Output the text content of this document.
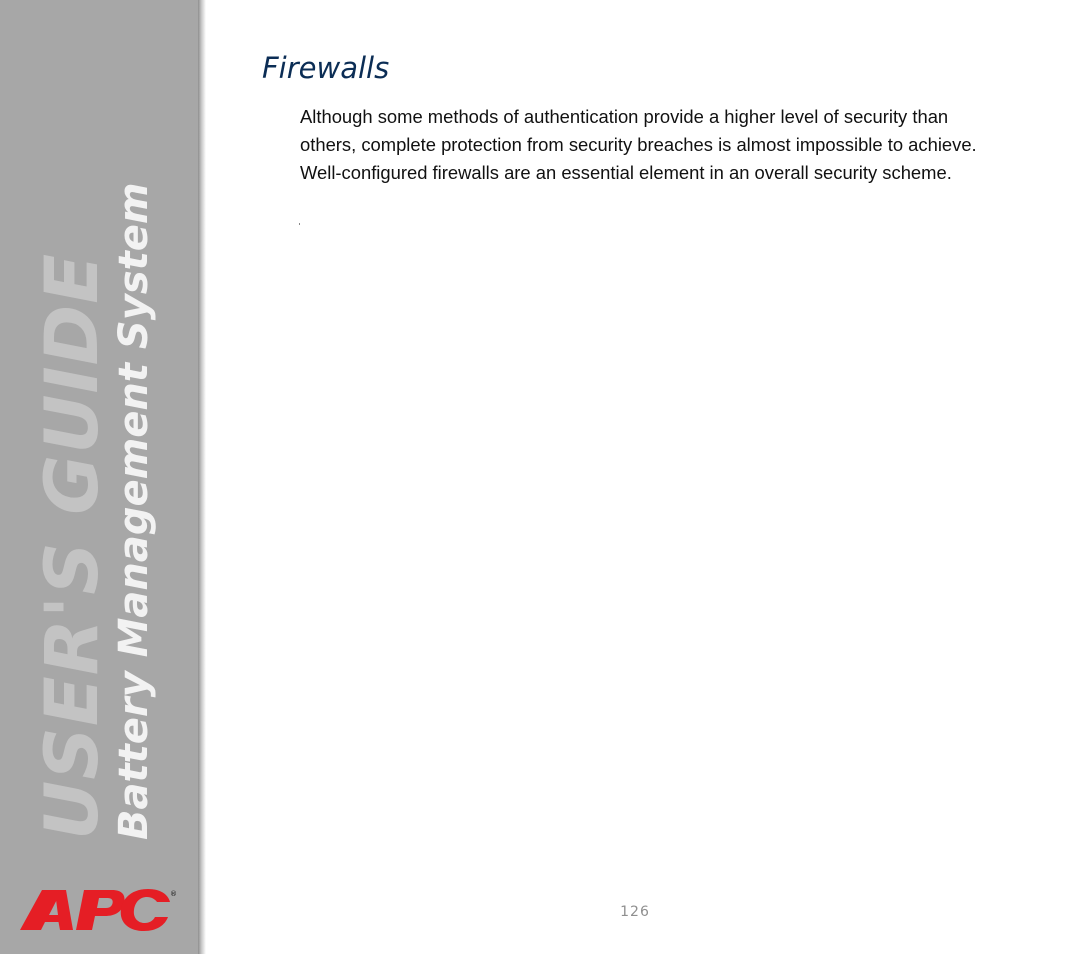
USER'S GUIDE
Battery Management System
®
Firewalls

Although some methods of authentication provide a higher level of security than others, complete protection from security breaches is almost impossible to achieve. Well-configured firewalls are an essential element in an overall security scheme.

126
